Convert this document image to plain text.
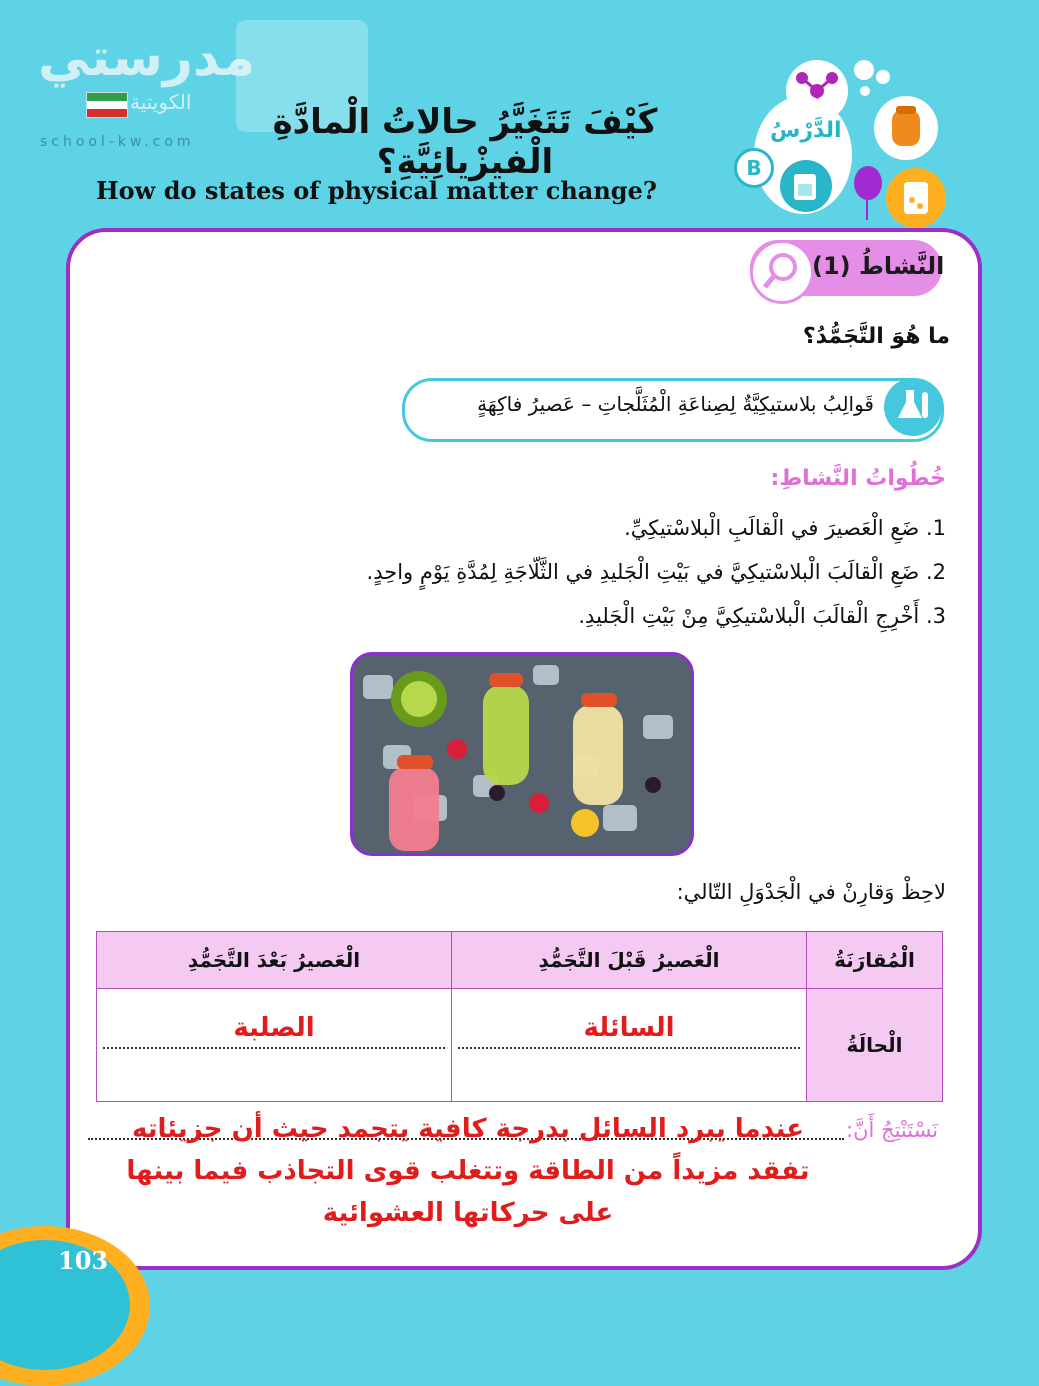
مدرستي
الكويتية
school-kw.com	كَيْفَ تَتَغَيَّرُ حالاتُ الْمادَّةِ الْفيزْيائِيَّةِ؟
How do states of physical matter change?
الدَّرْسُ
B
النَّشاطُ (1)
ما هُوَ التَّجَمُّدُ؟
قَوالِبُ بلاستيكِيَّةٌ لِصِناعَةِ الْمُثَلَّجاتِ – عَصيرُ فاكِهَةٍ
خُطُواتُ النَّشاطِ:
1. ضَعِ الْعَصيرَ في الْقالَبِ الْبلاسْتيكِيِّ.
2. ضَعِ الْقالَبَ الْبلاسْتيكِيَّ في بَيْتِ الْجَليدِ في الثَّلّاجَةِ لِمُدَّةِ يَوْمٍ واحِدٍ.
3. أَخْرِجِ الْقالَبَ الْبلاسْتيكِيَّ مِنْ بَيْتِ الْجَليدِ.
لاحِظْ وَقارِنْ في الْجَدْوَلِ التّالي:
الْمُقارَنَةُ	الْعَصيرُ قَبْلَ التَّجَمُّدِ	الْعَصيرُ بَعْدَ التَّجَمُّدِ
الْحالَةُ	السائلة	الصلبة
نَسْتَنْتِجُ أَنَّ:
عندما يبرد السائل بدرجة كافية يتجمد حيث أن جزيئاته
تفقد مزيداً من الطاقة وتتغلب قوى التجاذب فيما بينها
على حركاتها العشوائية
103
